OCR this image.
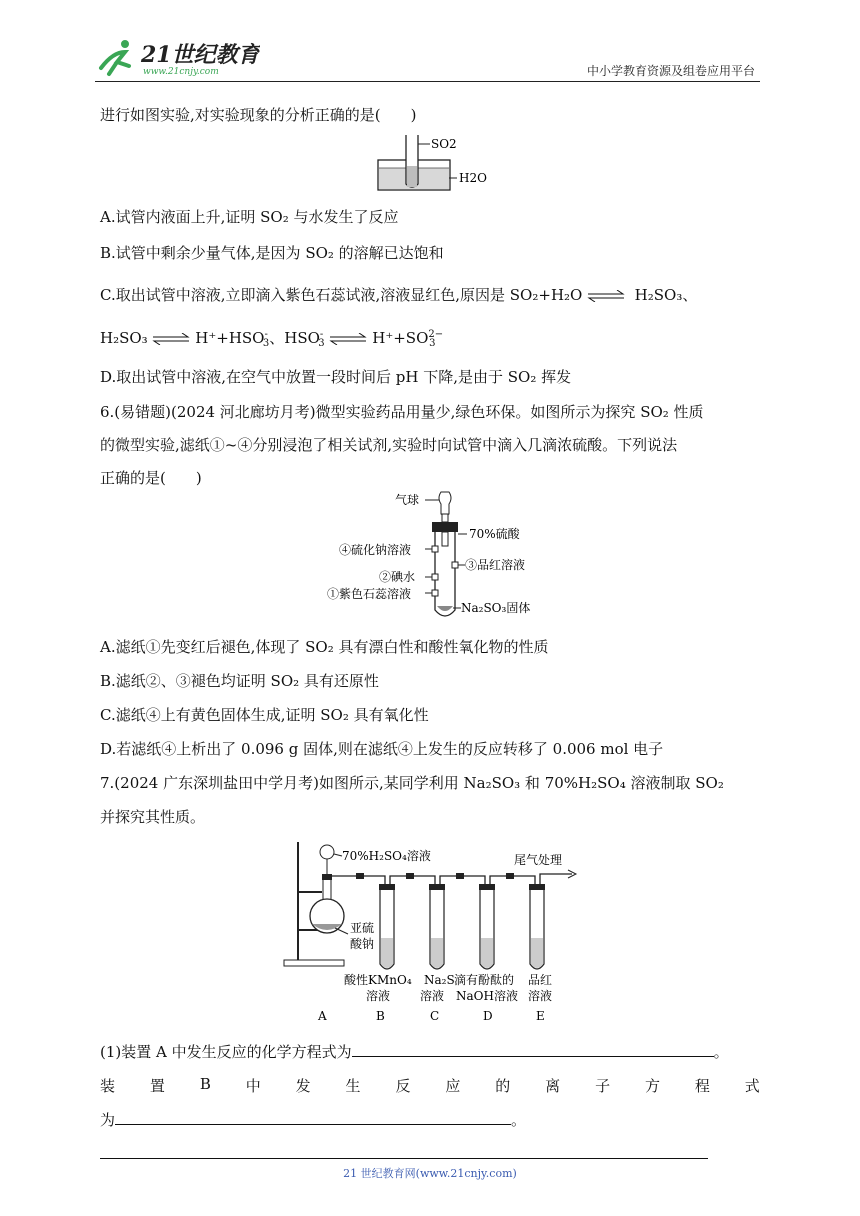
21世纪教育
www.21cnjy.com	中小学教育资源及组卷应用平台
进行如图实验,对实验现象的分析正确的是(　　)
SO2
H2O
A.试管内液面上升,证明 SO₂ 与水发生了反应
B.试管中剩余少量气体,是因为 SO₂ 的溶解已达饱和
C.取出试管中溶液,立即滴入紫色石蕊试液,溶液显红色,原因是 SO₂+H₂O ⇌ H₂SO₃、
H₂SO₃ ⇌ $H^++HSO^-_3$、$HSO^-_3$ ⇌ $H^++SO^{2-}_3$
D.取出试管中溶液,在空气中放置一段时间后 pH 下降,是由于 SO₂ 挥发
6.(易错题)(2024 河北廊坊月考)微型实验药品用量少,绿色环保。如图所示为探究 SO₂ 性质
的微型实验,滤纸①~④分别浸泡了相关试剂,实验时向试管中滴入几滴浓硫酸。下列说法
正确的是(　　)
气球
70%硫酸
④硫化钠溶液
③品红溶液
②碘水
①紫色石蕊溶液
Na₂SO₃固体
A.滤纸①先变红后褪色,体现了 SO₂ 具有漂白性和酸性氧化物的性质
B.滤纸②、③褪色均证明 SO₂ 具有还原性
C.滤纸④上有黄色固体生成,证明 SO₂ 具有氧化性
D.若滤纸④上析出了 0.096 g 固体,则在滤纸④上发生的反应转移了 0.006 mol 电子
7.(2024 广东深圳盐田中学月考)如图所示,某同学利用 Na₂SO₃ 和 70%H₂SO₄ 溶液制取 SO₂
并探究其性质。
70%H₂SO₄溶液
亚硫
酸钠
尾气处理
酸性KMnO₄
溶液
Na₂S
溶液
滴有酚酞的
NaOH溶液
品红
溶液
A	B	C	D	E
(1)装置 A 中发生反应的化学方程式为	。
装 置 B 中 发 生 反 应 的 离 子 方 程 式
为	。
21 世纪教育网(www.21cnjy.com)
